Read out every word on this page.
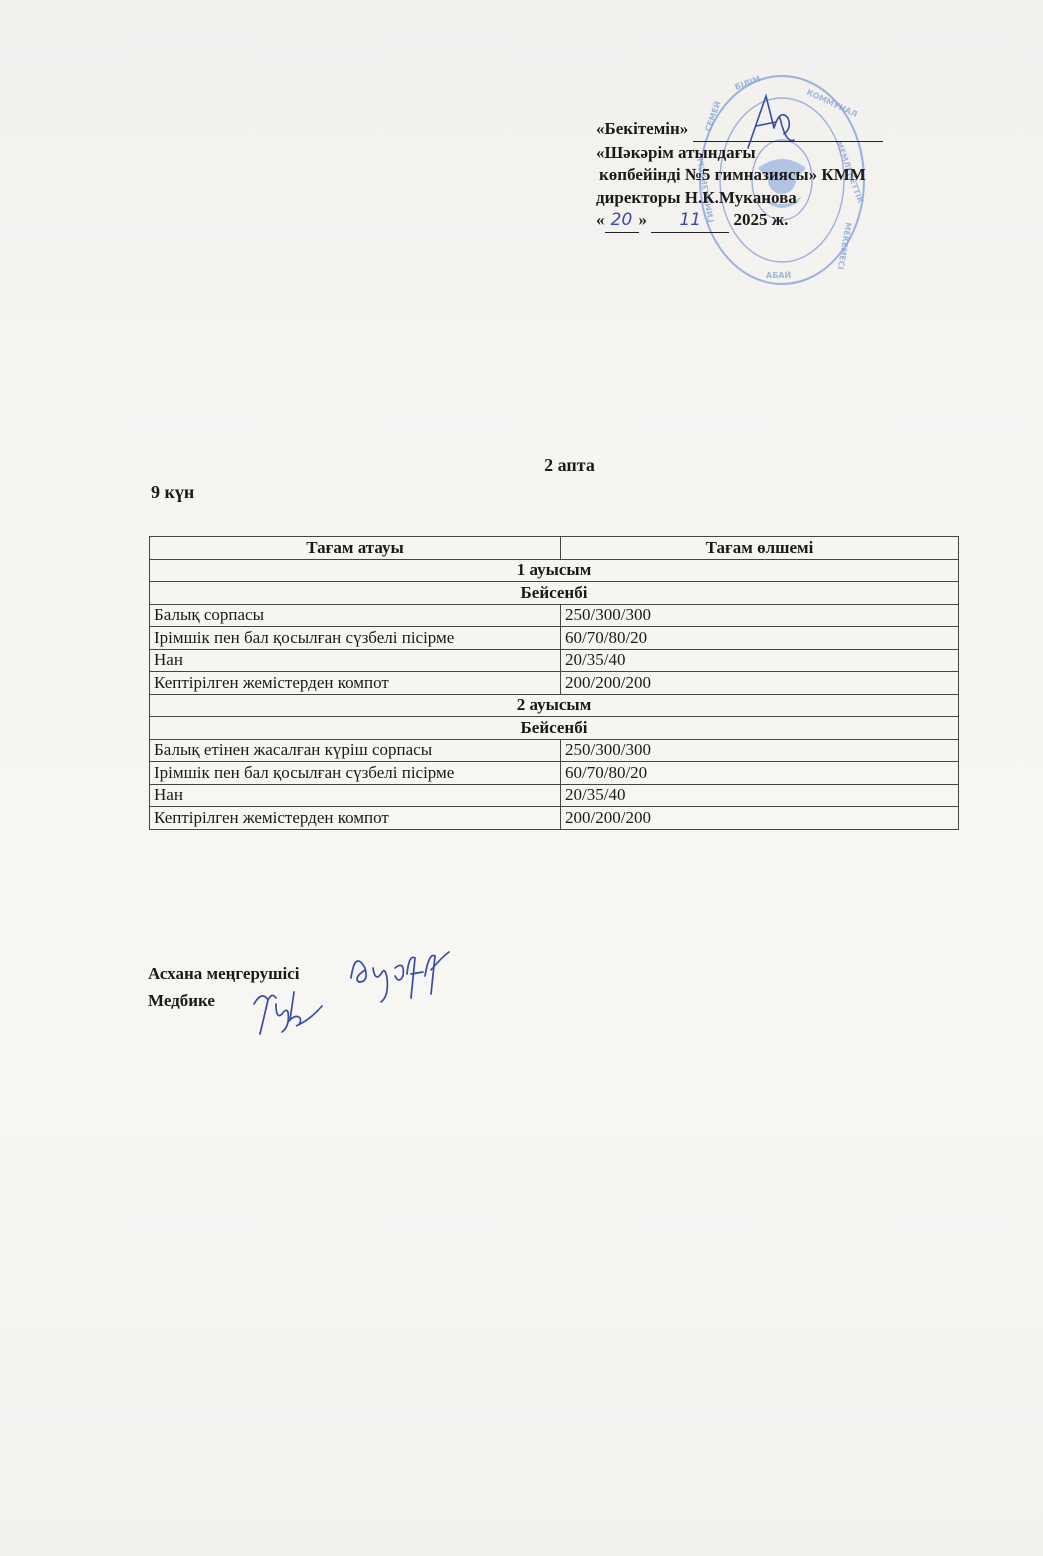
БІЛІМ
КОММУНАЛ
МЕМЛЕКЕТТІК
МЕКЕМЕСІ
ГИМНАЗИЯСЫ
АБАЙ
СЕМЕЙ
«Бекітемін»
«Шәкәрім атындағы
көпбейінді №5 гимназиясы» КММ
директоры Н.К.Муканова
« 20 » 11 2025 ж.
2 апта
9 күн
Тағам атауы	Тағам өлшемі
1 ауысым	
Бейсенбі	
Балық сорпасы	250/300/300
Ірімшік пен бал қосылған сүзбелі пісірме	60/70/80/20
Нан	20/35/40
Кептірілген жемістерден компот	200/200/200
2 ауысым	
Бейсенбі	
Балық етінен жасалған күріш сорпасы	250/300/300
Ірімшік пен бал қосылған сүзбелі пісірме	60/70/80/20
Нан	20/35/40
Кептірілген жемістерден компот	200/200/200
Асхана меңгерушісі
Медбике
